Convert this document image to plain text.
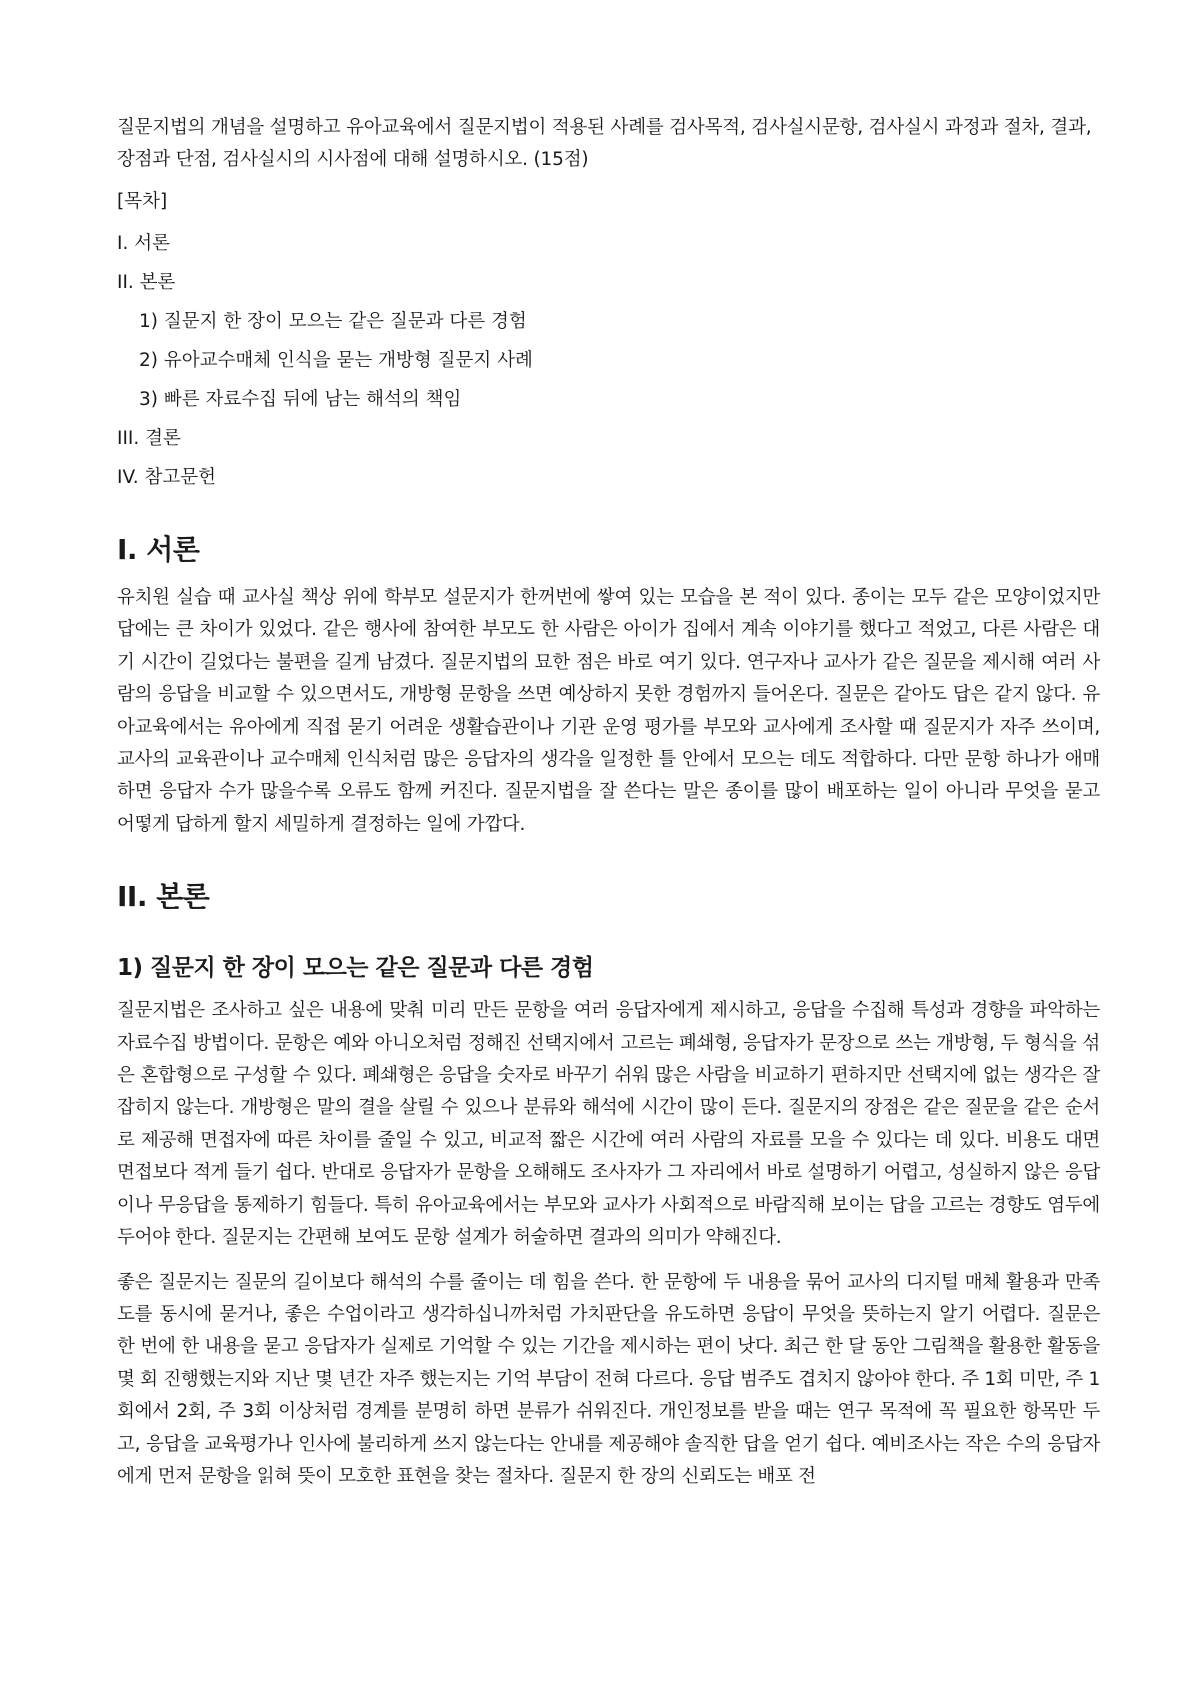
질문지법의 개념을 설명하고 유아교육에서 질문지법이 적용된 사례를 검사목적, 검사실시문항, 검사실시 과정과 절차, 결과, 장점과 단점, 검사실시의 시사점에 대해 설명하시오. (15점)

[목차]
I. 서론
II. 본론
1) 질문지 한 장이 모으는 같은 질문과 다른 경험
2) 유아교수매체 인식을 묻는 개방형 질문지 사례
3) 빠른 자료수집 뒤에 남는 해석의 책임
III. 결론
IV. 참고문헌
I. 서론

유치원 실습 때 교사실 책상 위에 학부모 설문지가 한꺼번에 쌓여 있는 모습을 본 적이 있다. 종이는 모두 같은 모양이었지만 답에는 큰 차이가 있었다. 같은 행사에 참여한 부모도 한 사람은 아이가 집에서 계속 이야기를 했다고 적었고, 다른 사람은 대기 시간이 길었다는 불편을 길게 남겼다. 질문지법의 묘한 점은 바로 여기 있다. 연구자나 교사가 같은 질문을 제시해 여러 사람의 응답을 비교할 수 있으면서도, 개방형 문항을 쓰면 예상하지 못한 경험까지 들어온다. 질문은 같아도 답은 같지 않다. 유아교육에서는 유아에게 직접 묻기 어려운 생활습관이나 기관 운영 평가를 부모와 교사에게 조사할 때 질문지가 자주 쓰이며, 교사의 교육관이나 교수매체 인식처럼 많은 응답자의 생각을 일정한 틀 안에서 모으는 데도 적합하다. 다만 문항 하나가 애매하면 응답자 수가 많을수록 오류도 함께 커진다. 질문지법을 잘 쓴다는 말은 종이를 많이 배포하는 일이 아니라 무엇을 묻고 어떻게 답하게 할지 세밀하게 결정하는 일에 가깝다.

II. 본론
1) 질문지 한 장이 모으는 같은 질문과 다른 경험

질문지법은 조사하고 싶은 내용에 맞춰 미리 만든 문항을 여러 응답자에게 제시하고, 응답을 수집해 특성과 경향을 파악하는 자료수집 방법이다. 문항은 예와 아니오처럼 정해진 선택지에서 고르는 폐쇄형, 응답자가 문장으로 쓰는 개방형, 두 형식을 섞은 혼합형으로 구성할 수 있다. 폐쇄형은 응답을 숫자로 바꾸기 쉬워 많은 사람을 비교하기 편하지만 선택지에 없는 생각은 잘 잡히지 않는다. 개방형은 말의 결을 살릴 수 있으나 분류와 해석에 시간이 많이 든다. 질문지의 장점은 같은 질문을 같은 순서로 제공해 면접자에 따른 차이를 줄일 수 있고, 비교적 짧은 시간에 여러 사람의 자료를 모을 수 있다는 데 있다. 비용도 대면면접보다 적게 들기 쉽다. 반대로 응답자가 문항을 오해해도 조사자가 그 자리에서 바로 설명하기 어렵고, 성실하지 않은 응답이나 무응답을 통제하기 힘들다. 특히 유아교육에서는 부모와 교사가 사회적으로 바람직해 보이는 답을 고르는 경향도 염두에 두어야 한다. 질문지는 간편해 보여도 문항 설계가 허술하면 결과의 의미가 약해진다.

좋은 질문지는 질문의 길이보다 해석의 수를 줄이는 데 힘을 쓴다. 한 문항에 두 내용을 묶어 교사의 디지털 매체 활용과 만족도를 동시에 묻거나, 좋은 수업이라고 생각하십니까처럼 가치판단을 유도하면 응답이 무엇을 뜻하는지 알기 어렵다. 질문은 한 번에 한 내용을 묻고 응답자가 실제로 기억할 수 있는 기간을 제시하는 편이 낫다. 최근 한 달 동안 그림책을 활용한 활동을 몇 회 진행했는지와 지난 몇 년간 자주 했는지는 기억 부담이 전혀 다르다. 응답 범주도 겹치지 않아야 한다. 주 1회 미만, 주 1회에서 2회, 주 3회 이상처럼 경계를 분명히 하면 분류가 쉬워진다. 개인정보를 받을 때는 연구 목적에 꼭 필요한 항목만 두고, 응답을 교육평가나 인사에 불리하게 쓰지 않는다는 안내를 제공해야 솔직한 답을 얻기 쉽다. 예비조사는 작은 수의 응답자에게 먼저 문항을 읽혀 뜻이 모호한 표현을 찾는 절차다. 질문지 한 장의 신뢰도는 배포 전
